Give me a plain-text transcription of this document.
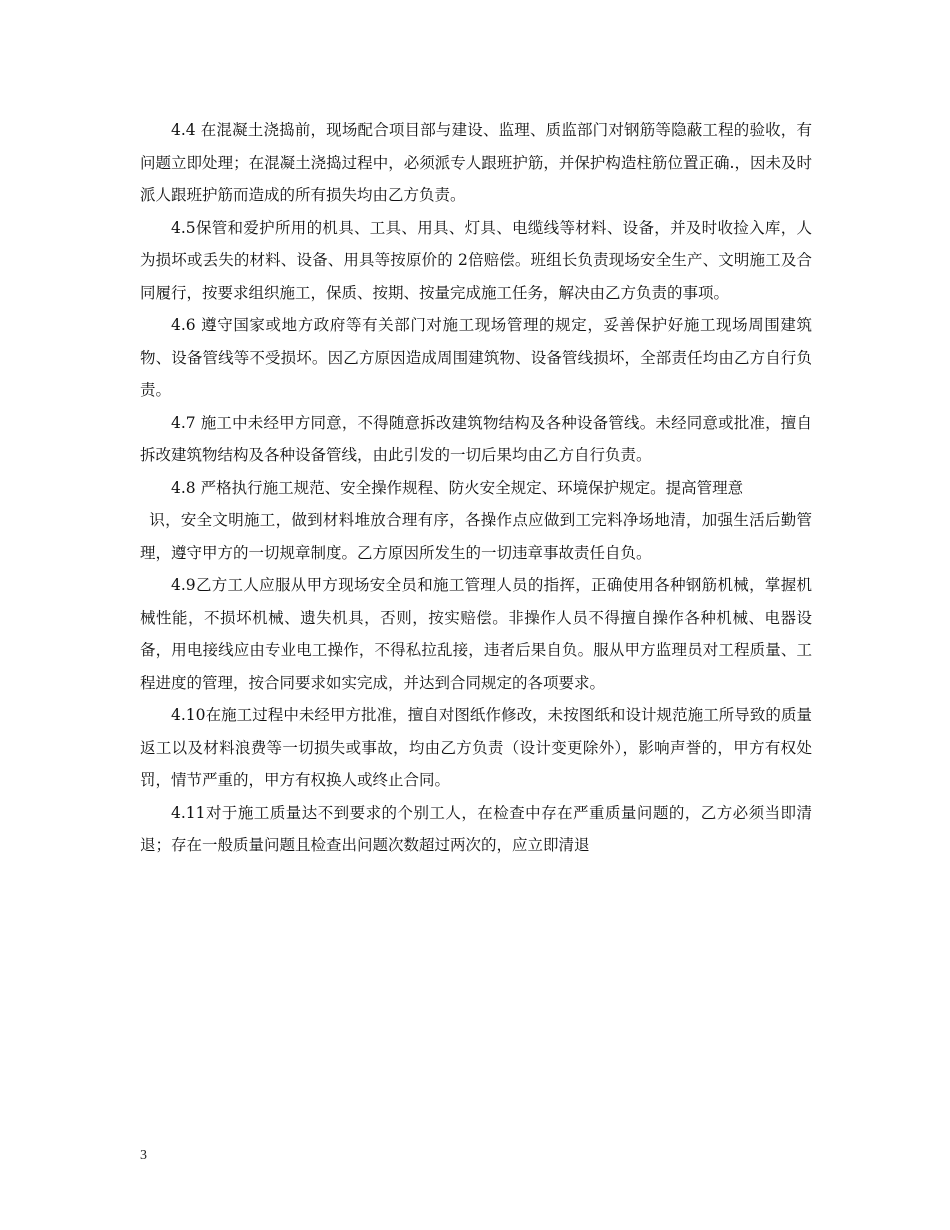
4.4 在混凝土浇捣前，现场配合项目部与建设、监理、质监部门对钢筋等隐蔽工程的验收，有问题立即处理；在混凝土浇捣过程中，必须派专人跟班护筋，并保护构造柱筋位置正确.，因未及时派人跟班护筋而造成的所有损失均由乙方负责。

4.5保管和爱护所用的机具、工具、用具、灯具、电缆线等材料、设备，并及时收捡入库，人为损坏或丢失的材料、设备、用具等按原价的 2倍赔偿。班组长负责现场安全生产、文明施工及合同履行，按要求组织施工，保质、按期、按量完成施工任务，解决由乙方负责的事项。

4.6 遵守国家或地方政府等有关部门对施工现场管理的规定，妥善保护好施工现场周围建筑物、设备管线等不受损坏。因乙方原因造成周围建筑物、设备管线损坏，全部责任均由乙方自行负责。

4.7 施工中未经甲方同意，不得随意拆改建筑物结构及各种设备管线。未经同意或批准，擅自拆改建筑物结构及各种设备管线，由此引发的一切后果均由乙方自行负责。

4.8 严格执行施工规范、安全操作规程、防火安全规定、环境保护规定。提高管理意

识，安全文明施工，做到材料堆放合理有序，各操作点应做到工完料净场地清，加强生活后勤管理，遵守甲方的一切规章制度。乙方原因所发生的一切违章事故责任自负。

4.9乙方工人应服从甲方现场安全员和施工管理人员的指挥，正确使用各种钢筋机械，掌握机械性能，不损坏机械、遗失机具，否则，按实赔偿。非操作人员不得擅自操作各种机械、电器设备，用电接线应由专业电工操作，不得私拉乱接，违者后果自负。服从甲方监理员对工程质量、工程进度的管理，按合同要求如实完成，并达到合同规定的各项要求。

4.10在施工过程中未经甲方批准，擅自对图纸作修改，未按图纸和设计规范施工所导致的质量返工以及材料浪费等一切损失或事故，均由乙方负责（设计变更除外），影响声誉的，甲方有权处罚，情节严重的，甲方有权换人或终止合同。

4.11对于施工质量达不到要求的个别工人，在检查中存在严重质量问题的，乙方必须当即清退；存在一般质量问题且检查出问题次数超过两次的，应立即清退

3
